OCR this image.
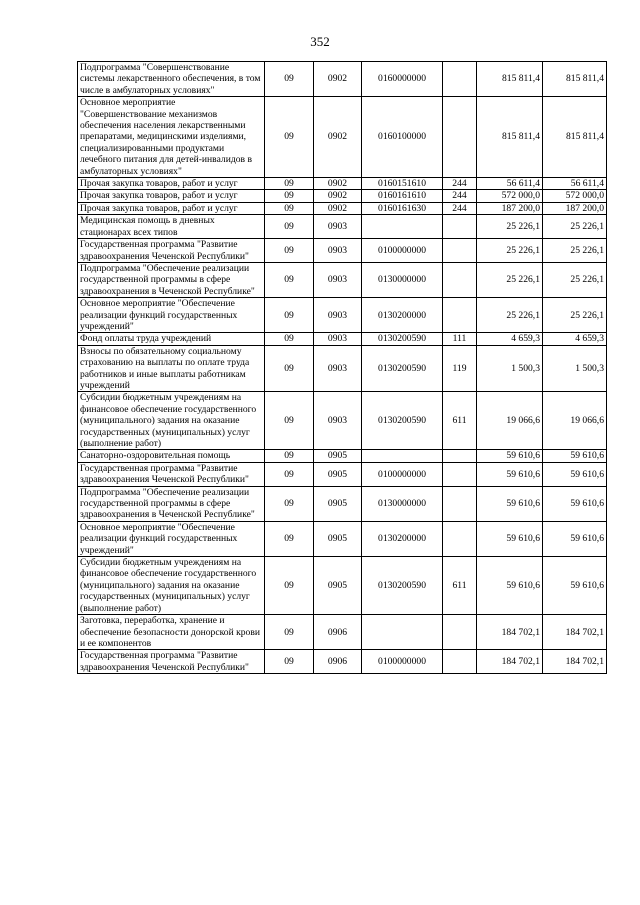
352
Подпрограмма "Совершенствование системы лекарственного обеспечения, в том числе в амбулаторных условиях"	09	0902	0160000000		815 811,4	815 811,4
Основное мероприятие "Совершенствование механизмов обеспечения населения лекарственными препаратами, медицинскими изделиями, специализированными продуктами лечебного питания для детей-инвалидов в амбулаторных условиях"	09	0902	0160100000		815 811,4	815 811,4
Прочая закупка товаров, работ и услуг	09	0902	0160151610	244	56 611,4	56 611,4
Прочая закупка товаров, работ и услуг	09	0902	0160161610	244	572 000,0	572 000,0
Прочая закупка товаров, работ и услуг	09	0902	0160161630	244	187 200,0	187 200,0
Медицинская помощь в дневных стационарах всех типов	09	0903			25 226,1	25 226,1
Государственная программа "Развитие здравоохранения Чеченской Республики"	09	0903	0100000000		25 226,1	25 226,1
Подпрограмма "Обеспечение реализации государственной программы в сфере здравоохранения в Чеченской Республике"	09	0903	0130000000		25 226,1	25 226,1
Основное мероприятие "Обеспечение реализации функций государственных учреждений"	09	0903	0130200000		25 226,1	25 226,1
Фонд оплаты труда учреждений	09	0903	0130200590	111	4 659,3	4 659,3
Взносы по обязательному социальному страхованию на выплаты по оплате труда работников и иные выплаты работникам учреждений	09	0903	0130200590	119	1 500,3	1 500,3
Субсидии бюджетным учреждениям на финансовое обеспечение государственного (муниципального) задания на оказание государственных (муниципальных) услуг (выполнение работ)	09	0903	0130200590	611	19 066,6	19 066,6
Санаторно-оздоровительная помощь	09	0905			59 610,6	59 610,6
Государственная программа "Развитие здравоохранения Чеченской Республики"	09	0905	0100000000		59 610,6	59 610,6
Подпрограмма "Обеспечение реализации государственной программы в сфере здравоохранения в Чеченской Республике"	09	0905	0130000000		59 610,6	59 610,6
Основное мероприятие "Обеспечение реализации функций государственных учреждений"	09	0905	0130200000		59 610,6	59 610,6
Субсидии бюджетным учреждениям на финансовое обеспечение государственного (муниципального) задания на оказание государственных (муниципальных) услуг (выполнение работ)	09	0905	0130200590	611	59 610,6	59 610,6
Заготовка, переработка, хранение и обеспечение безопасности донорской крови и ее компонентов	09	0906			184 702,1	184 702,1
Государственная программа "Развитие здравоохранения Чеченской Республики"	09	0906	0100000000		184 702,1	184 702,1
